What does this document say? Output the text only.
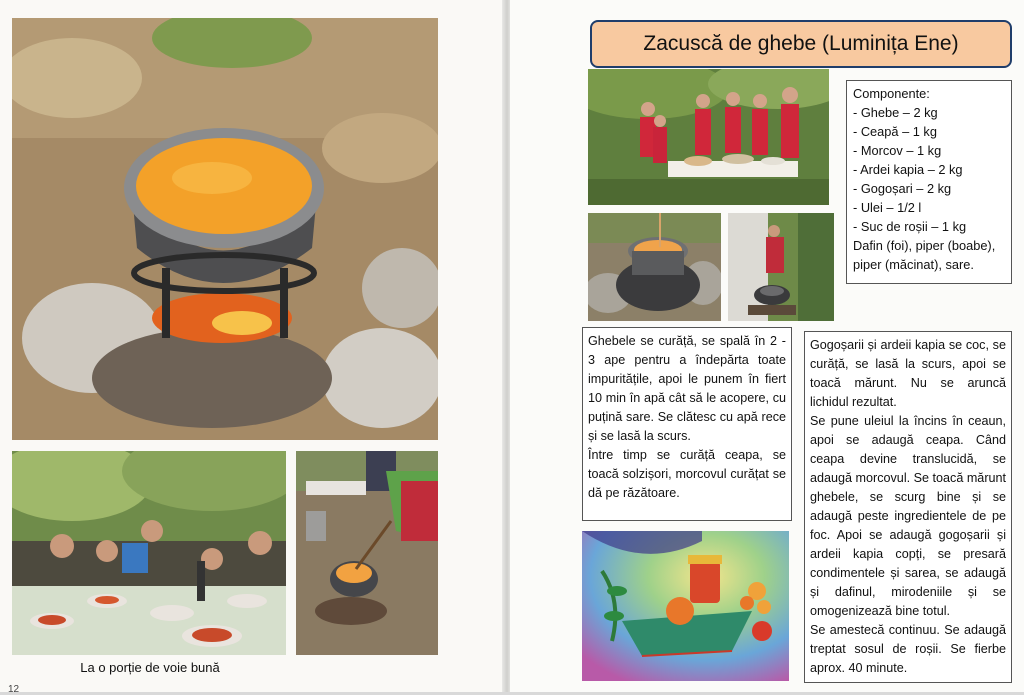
La o porție de voie bună
12
Zacuscă de ghebe (Luminița Ene)
Componente:
- Ghebe – 2 kg
- Ceapă – 1 kg
- Morcov – 1 kg
- Ardei kapia – 2 kg
- Gogoșari – 2 kg
- Ulei – 1/2 l
- Suc de roșii – 1 kg
Dafin (foi), piper (boabe), piper (măcinat), sare.

Ghebele se curăță, se spală în 2 - 3 ape pentru a îndepărta toate impuritățile, apoi le punem în fiert 10 min în apă cât să le acopere, cu puțină sare. Se clătesc cu apă rece și se lasă la scurs.

Între timp se curăță ceapa, se toacă solzișori, morcovul curățat se dă pe răzătoare.

Gogoșarii și ardeii kapia se coc, se curăță, se lasă la scurs, apoi se toacă mărunt. Nu se aruncă lichidul rezultat.

Se pune uleiul la încins în ceaun, apoi se adaugă ceapa. Când ceapa devine translucidă, se adaugă morcovul. Se toacă mărunt ghebele, se scurg bine și se adaugă peste ingredientele de pe foc. Apoi se adaugă gogoșarii și ardeii kapia copți, se presară condimentele și sarea, se adaugă și dafinul, mirodeniile și se omogenizează bine totul.

Se amestecă continuu. Se adaugă treptat sosul de roșii. Se fierbe aprox. 40 minute.
